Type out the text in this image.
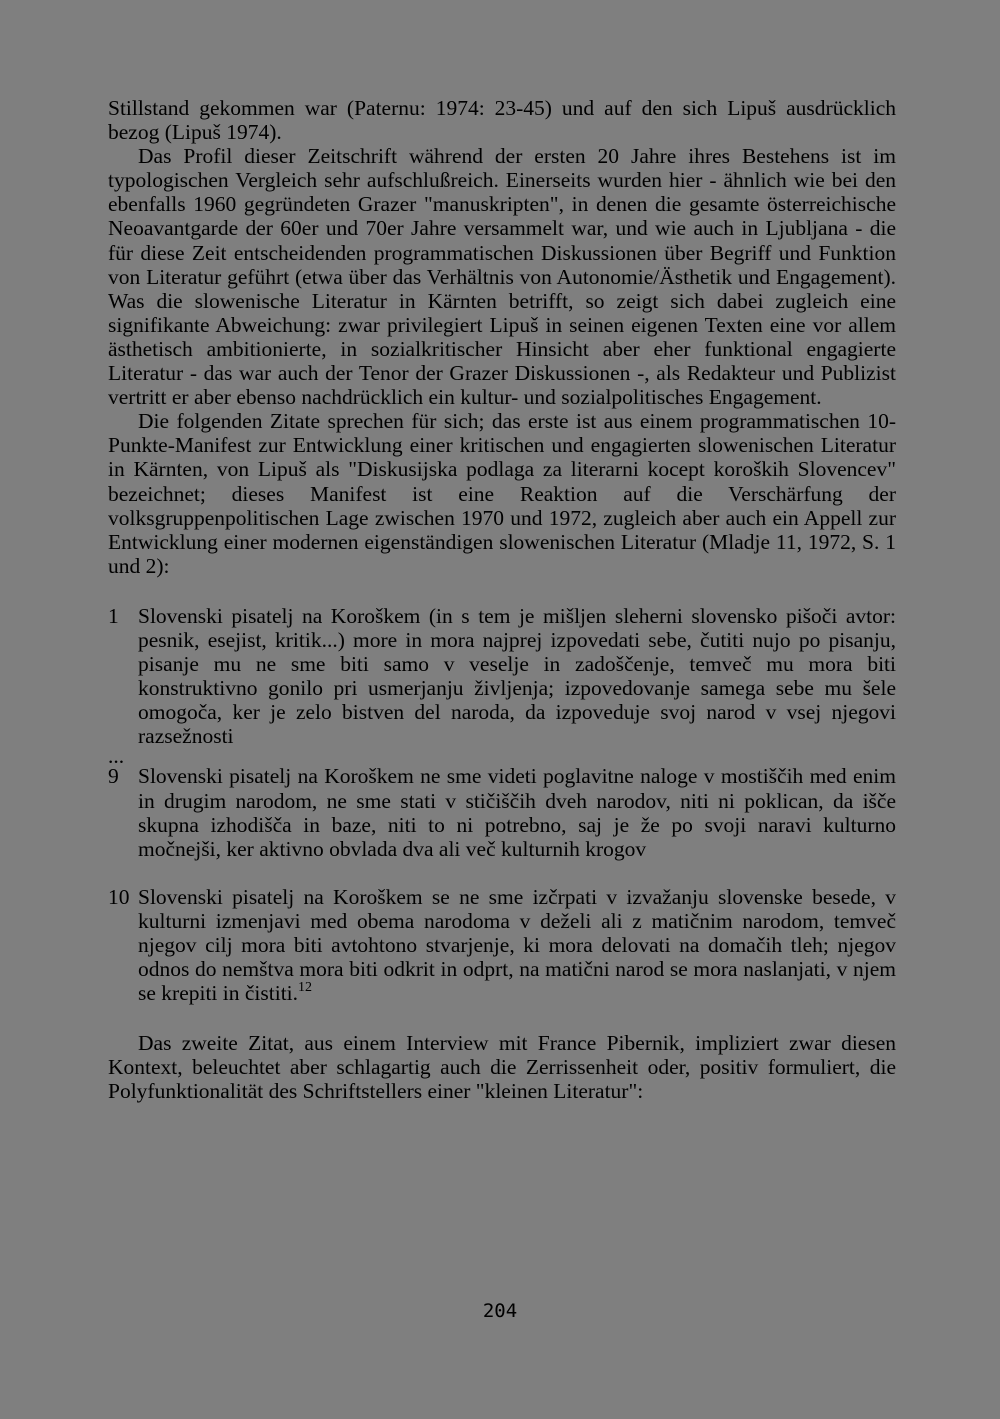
Stillstand gekommen war (Paternu: 1974: 23-45) und auf den sich Lipuš ausdrücklich bezog (Lipuš 1974).

Das Profil dieser Zeitschrift während der ersten 20 Jahre ihres Bestehens ist im typologischen Vergleich sehr aufschlußreich. Einerseits wurden hier - ähnlich wie bei den ebenfalls 1960 gegründeten Grazer "manuskripten", in denen die gesamte österreichische Neoavantgarde der 60er und 70er Jahre versammelt war, und wie auch in Ljubljana - die für diese Zeit entscheidenden programmatischen Diskussionen über Begriff und Funktion von Literatur geführt (etwa über das Verhältnis von Autonomie/Ästhetik und Engagement). Was die slowenische Literatur in Kärnten betrifft, so zeigt sich dabei zugleich eine signifikante Abweichung: zwar privilegiert Lipuš in seinen eigenen Texten eine vor allem ästhetisch ambitionierte, in sozialkritischer Hinsicht aber eher funktional engagierte Literatur - das war auch der Tenor der Grazer Diskussionen -, als Redakteur und Publizist vertritt er aber ebenso nachdrücklich ein kultur- und sozialpolitisches Engagement.

Die folgenden Zitate sprechen für sich; das erste ist aus einem programmatischen 10-Punkte-Manifest zur Entwicklung einer kritischen und engagierten slowenischen Literatur in Kärnten, von Lipuš als "Diskusijska podlaga za literarni kocept koroških Slovencev" bezeichnet; dieses Manifest ist eine Reaktion auf die Verschärfung der volksgruppenpolitischen Lage zwischen 1970 und 1972, zugleich aber auch ein Appell zur Entwicklung einer modernen eigenständigen slowenischen Literatur (Mladje 11, 1972, S. 1 und 2):

1 Slovenski pisatelj na Koroškem (in s tem je mišljen sleherni slovensko pišoči avtor: pesnik, esejist, kritik...) more in mora najprej izpovedati sebe, čutiti nujo po pisanju, pisanje mu ne sme biti samo v veselje in zadoščenje, temveč mu mora biti konstruktivno gonilo pri usmerjanju življenja; izpovedovanje samega sebe mu šele omogoča, ker je zelo bistven del naroda, da izpoveduje svoj narod v vsej njegovi razsežnosti

...

9 Slovenski pisatelj na Koroškem ne sme videti poglavitne naloge v mostiščih med enim in drugim narodom, ne sme stati v stičiščih dveh narodov, niti ni poklican, da išče skupna izhodišča in baze, niti to ni potrebno, saj je že po svoji naravi kulturno močnejši, ker aktivno obvlada dva ali več kulturnih krogov
10 Slovenski pisatelj na Koroškem se ne sme izčrpati v izvažanju slovenske besede, v kulturni izmenjavi med obema narodoma v deželi ali z matičnim narodom, temveč njegov cilj mora biti avtohtono stvarjenje, ki mora delovati na domačih tleh; njegov odnos do nemštva mora biti odkrit in odprt, na matični narod se mora naslanjati, v njem se krepiti in čistiti.$^{12}$

Das zweite Zitat, aus einem Interview mit France Pibernik, impliziert zwar diesen Kontext, beleuchtet aber schlagartig auch die Zerrissenheit oder, positiv formuliert, die Polyfunktionalität des Schriftstellers einer "kleinen Literatur":

204
